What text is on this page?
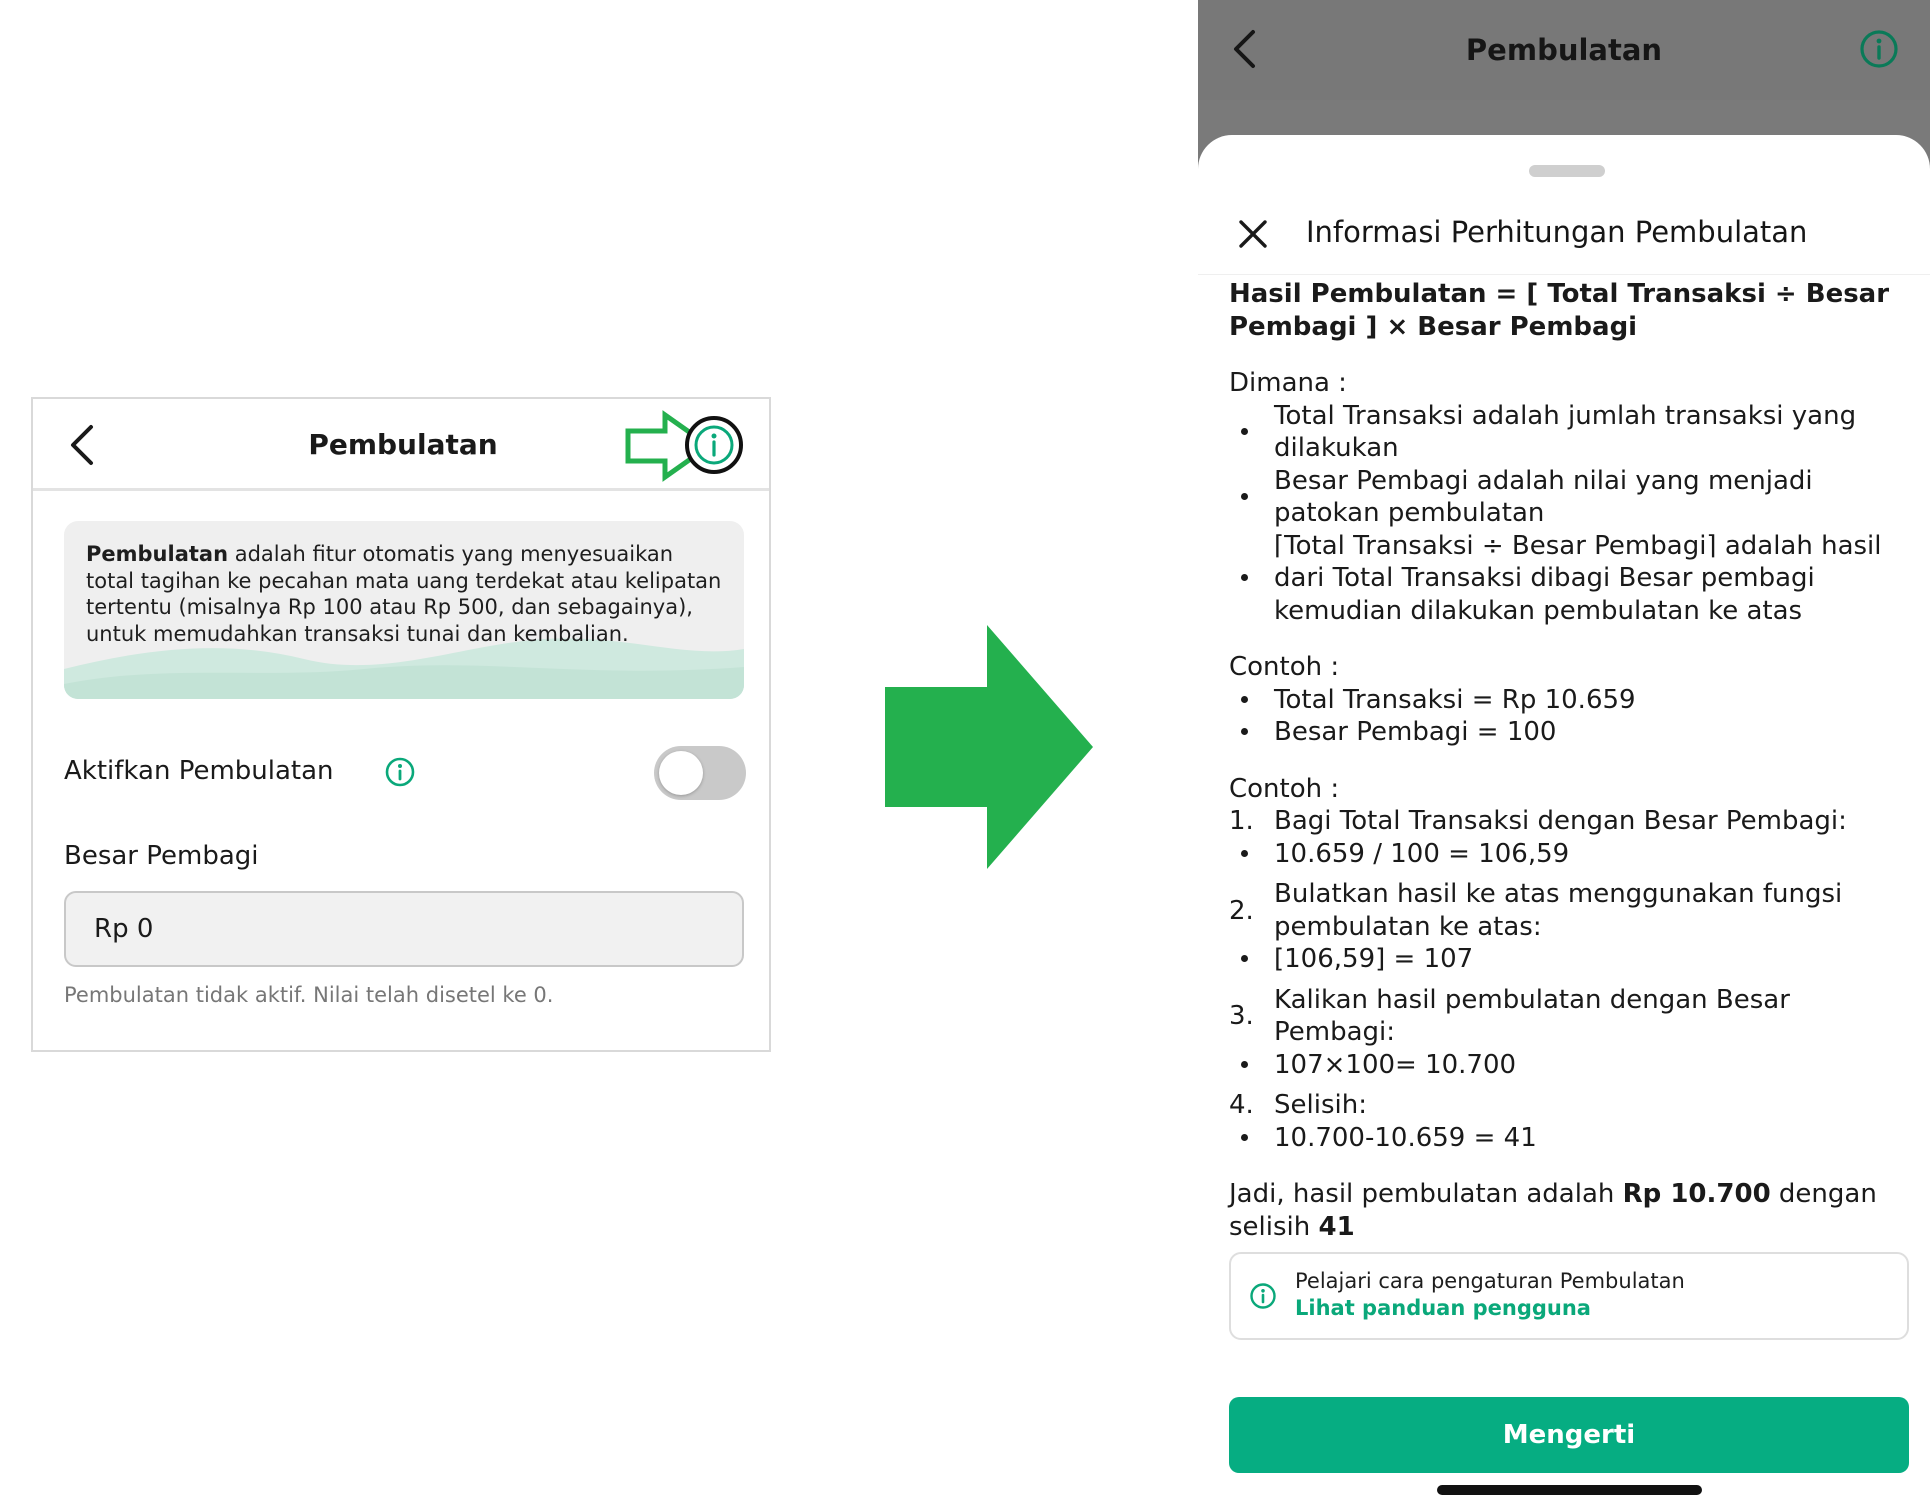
Pembulatan

Pembulatan adalah fitur otomatis yang menyesuaikan total tagihan ke pecahan mata uang terdekat atau kelipatan tertentu (misalnya Rp 100 atau Rp 500, dan sebagainya), untuk memudahkan transaksi tunai dan kembalian.

Aktifkan Pembulatan
Besar Pembagi
Rp 0
Pembulatan tidak aktif. Nilai telah disetel ke 0.
Pembulatan
Informasi Perhitungan Pembulatan

Hasil Pembulatan = [ Total Transaksi ÷ Besar Pembagi ] × Besar Pembagi

Dimana :

Total Transaksi adalah jumlah transaksi yang dilakukan
Besar Pembagi adalah nilai yang menjadi patokan pembulatan
⌈Total Transaksi ÷ Besar Pembagi⌉ adalah hasil dari Total Transaksi dibagi Besar pembagi kemudian dilakukan pembulatan ke atas

Contoh :

Total Transaksi = Rp 10.659
Besar Pembagi = 100

Contoh :

1. Bagi Total Transaksi dengan Besar Pembagi:
10.659 / 100 = 106,59
2.
Bulatkan hasil ke atas menggunakan fungsi pembulatan ke atas:
[106,59] = 107
3.
Kalikan hasil pembulatan dengan Besar Pembagi:
107×100= 10.700
4. Selisih:
10.700-10.659 = 41

Jadi, hasil pembulatan adalah Rp 10.700 dengan selisih 41

Pelajari cara pengaturan Pembulatan
Lihat panduan pengguna
Mengerti
